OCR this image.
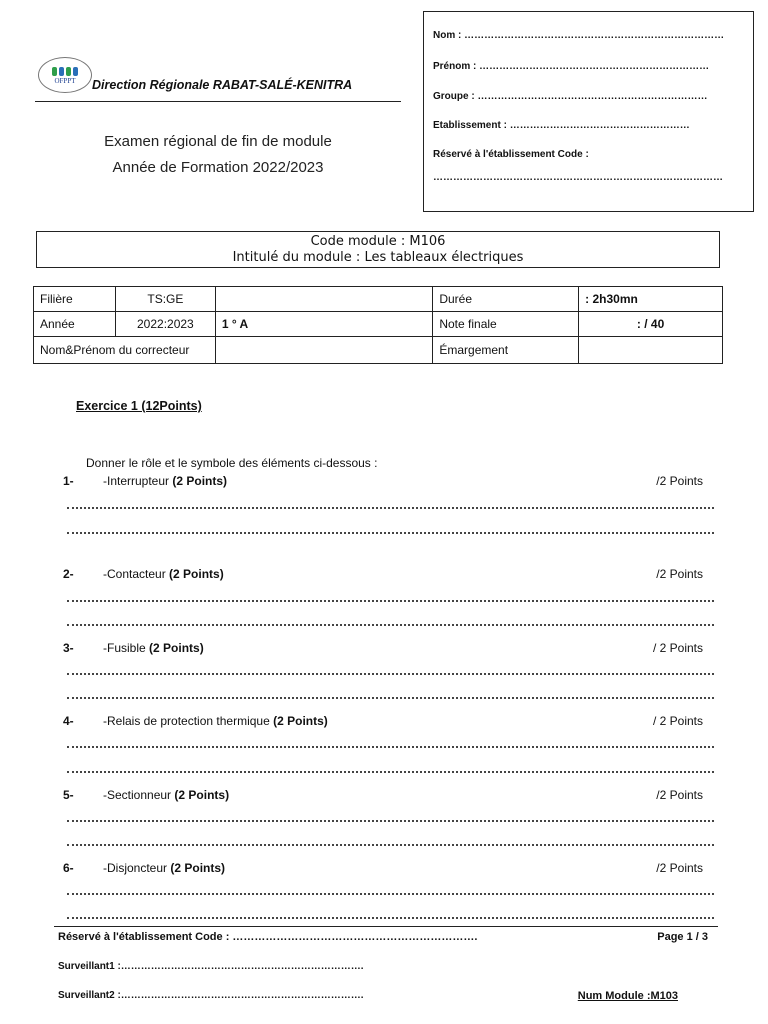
OFPPT Direction Régionale RABAT-SALÉ-KENITRA
Examen régional de fin de module
Année de Formation 2022/2023
Nom : ……………………………………………………………………
Prénom : ……………………………………………………………
Groupe : ……………………………………………………………
Etablissement : ………………………………………………
Réservé à l'établissement Code :
……………………………………………………………………………
Code module : M106
Intitulé du module : Les tableaux électriques
Filière	TS:GE		Durée	: 2h30mn
Année	2022:2023	1 ° A	Note finale	: / 40
Nom&Prénom du correcteur			Émargement	
Exercice 1 (12Points)
Donner le rôle et le symbole des éléments ci-dessous :
1- -Interrupteur (2 Points)	/2 Points
2- -Contacteur (2 Points)	/2 Points
3- -Fusible (2 Points)	/ 2 Points
4- -Relais de protection thermique (2 Points)	/ 2 Points
5- -Sectionneur (2 Points)	/2 Points
6- -Disjoncteur (2 Points)	/2 Points
Réservé à l'établissement Code : ………………………………………………………….	Page 1 / 3
Surveillant1 :……………………………………………………………….
Surveillant2 :……………………………………………………………….	Num Module :M103
